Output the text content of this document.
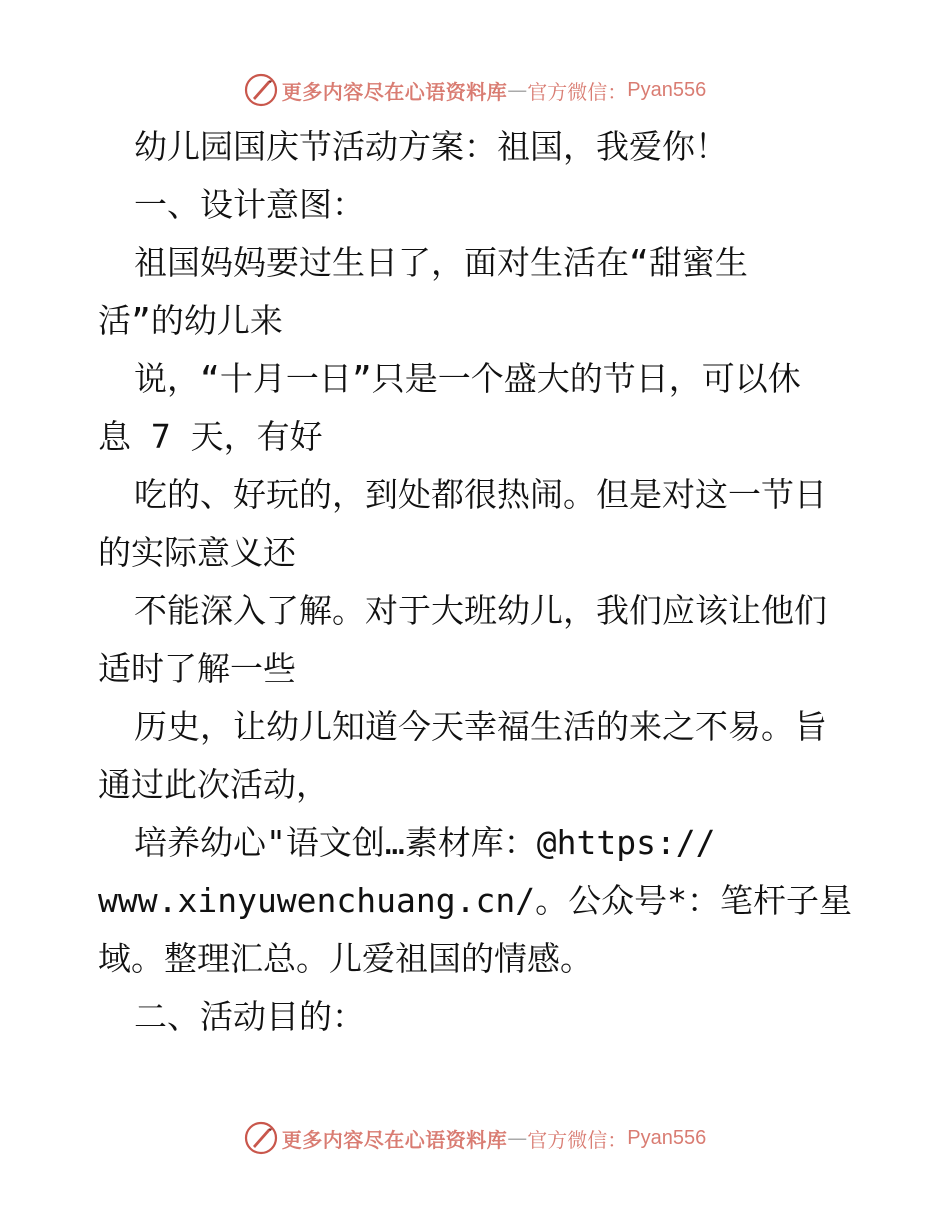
更多内容尽在心语资料库 — 官方微信： Pyan556
幼儿园国庆节活动方案：祖国，我爱你！
一、设计意图：
祖国妈妈要过生日了，面对生活在“甜蜜生
活”的幼儿来
说，“十月一日”只是一个盛大的节日，可以休
息 7 天，有好
吃的、好玩的，到处都很热闹。但是对这一节日
的实际意义还
不能深入了解。对于大班幼儿，我们应该让他们
适时了解一些
历史，让幼儿知道今天幸福生活的来之不易。旨
通过此次活动，
培养幼心"语文创…素材库：@https://
www.xinyuwenchuang.cn/。公众号*：笔杆子星
域。整理汇总。儿爱祖国的情感。
二、活动目的：
更多内容尽在心语资料库 — 官方微信： Pyan556
